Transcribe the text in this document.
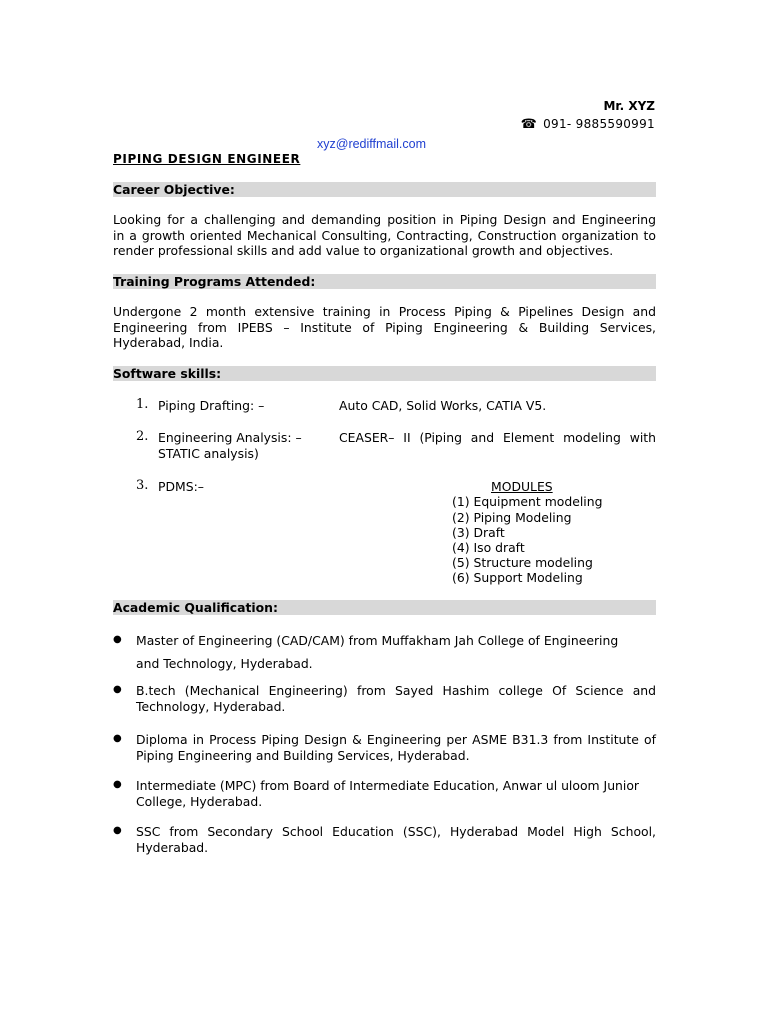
Mr. XYZ
☎ 091- 9885590991
xyz@rediffmail.com
PIPING DESIGN ENGINEER
Career Objective:
Looking for a challenging and demanding position in Piping Design and Engineering
in a growth oriented Mechanical Consulting, Contracting, Construction organization to
render professional skills and add value to organizational growth and objectives.
Training Programs Attended:
Undergone 2 month extensive training in Process Piping & Pipelines Design and
Engineering from IPEBS – Institute of Piping Engineering & Building Services,
Hyderabad, India.
Software skills:
1. Piping Drafting: –	Auto CAD, Solid Works, CATIA V5.
2. Engineering Analysis: –	CEASER– II (Piping and Element modeling with
STATIC analysis)
3. PDMS:–	MODULES
(1) Equipment modeling
(2) Piping Modeling
(3) Draft
(4) Iso draft
(5) Structure modeling
(6) Support Modeling
Academic Qualification:
● Master of Engineering (CAD/CAM) from Muffakham Jah College of Engineering
and Technology, Hyderabad.
● B.tech (Mechanical Engineering) from Sayed Hashim college Of Science and
Technology, Hyderabad.
● Diploma in Process Piping Design & Engineering per ASME B31.3 from Institute of
Piping Engineering and Building Services, Hyderabad.
● Intermediate (MPC) from Board of Intermediate Education, Anwar ul uloom Junior
College, Hyderabad.
● SSC from Secondary School Education (SSC), Hyderabad Model High School,
Hyderabad.
